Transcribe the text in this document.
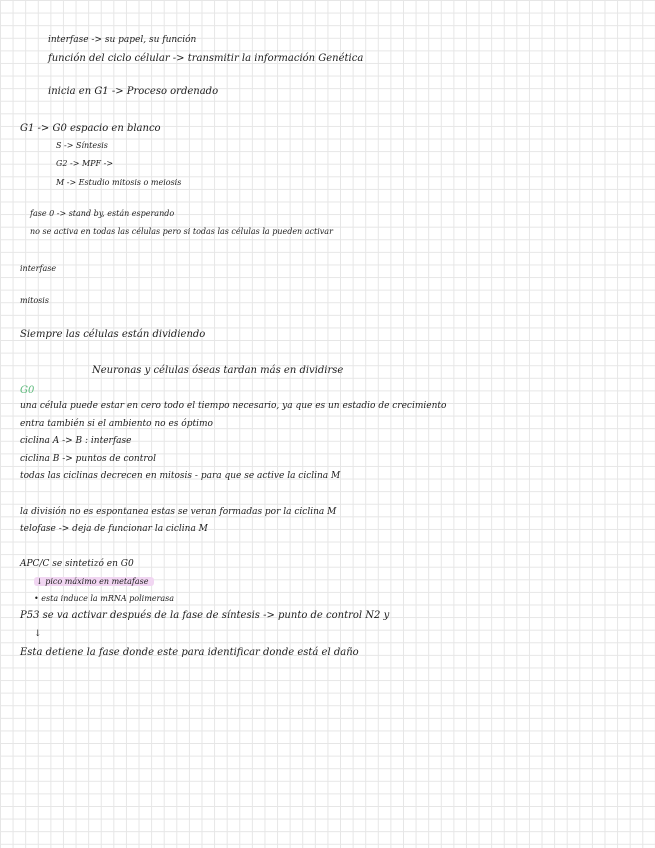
interfase -> su papel, su función
función del ciclo célular -> transmitir la información Genética
inicia en G1 -> Proceso ordenado
G1 -> G0 espacio en blanco
S -> Síntesis
G2 -> MPF ->
M -> Estudio mitosis o meiosis
fase 0 -> stand by, están esperando
no se activa en todas las células pero si todas las células la pueden activar
interfase
mitosis
Siempre las células están dividiendo
Neuronas y células óseas tardan más en dividirse
G0
una célula puede estar en cero todo el tiempo necesario, ya que es un estadio de crecimiento
entra también si el ambiento no es óptimo
ciclina A -> B : interfase
ciclina B -> puntos de control
todas las ciclinas decrecen en mitosis - para que se active la ciclina M
la división no es espontanea estas se veran formadas por la ciclina M
telofase -> deja de funcionar la ciclina M
APC/C se sintetizó en G0
↓ pico máximo en metafase
• esta induce la mRNA polimerasa
P53 se va activar después de la fase de síntesis -> punto de control N2 y
↓
Esta detiene la fase donde este para identificar donde está el daño
